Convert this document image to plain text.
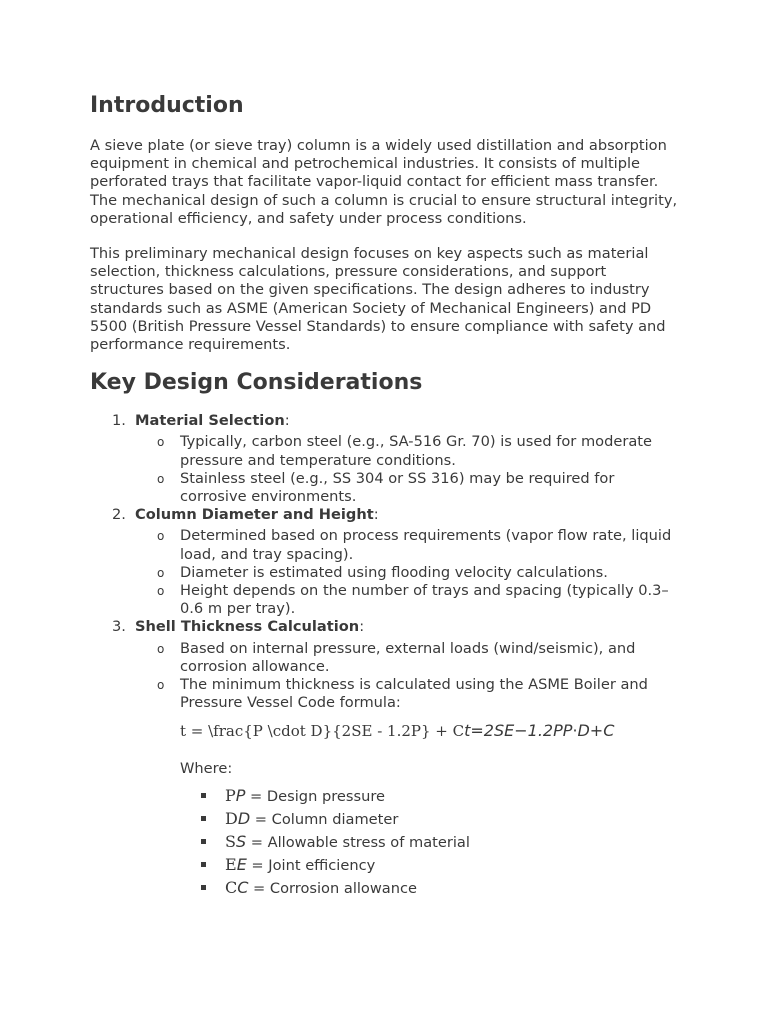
Introduction

A sieve plate (or sieve tray) column is a widely used distillation and absorption equipment in chemical and petrochemical industries. It consists of multiple perforated trays that facilitate vapor-liquid contact for efficient mass transfer. The mechanical design of such a column is crucial to ensure structural integrity, operational efficiency, and safety under process conditions.

This preliminary mechanical design focuses on key aspects such as material selection, thickness calculations, pressure considerations, and support structures based on the given specifications. The design adheres to industry standards such as ASME (American Society of Mechanical Engineers) and PD 5500 (British Pressure Vessel Standards) to ensure compliance with safety and performance requirements.

Key Design Considerations
1. Material Selection:
o Typically, carbon steel (e.g., SA-516 Gr. 70) is used for moderate pressure and temperature conditions.
o Stainless steel (e.g., SS 304 or SS 316) may be required for corrosive environments.
2. Column Diameter and Height:
o Determined based on process requirements (vapor flow rate, liquid load, and tray spacing).
o Diameter is estimated using flooding velocity calculations.
o Height depends on the number of trays and spacing (typically 0.3–0.6 m per tray).
3. Shell Thickness Calculation:
o Based on internal pressure, external loads (wind/seismic), and corrosion allowance.
o The minimum thickness is calculated using the ASME Boiler and Pressure Vessel Code formula:
t = \frac{P \cdot D}{2SE - 1.2P} + Ct=2SE−1.2PP⋅D+C
Where:
PP = Design pressure
DD = Column diameter
SS = Allowable stress of material
EE = Joint efficiency
CC = Corrosion allowance
